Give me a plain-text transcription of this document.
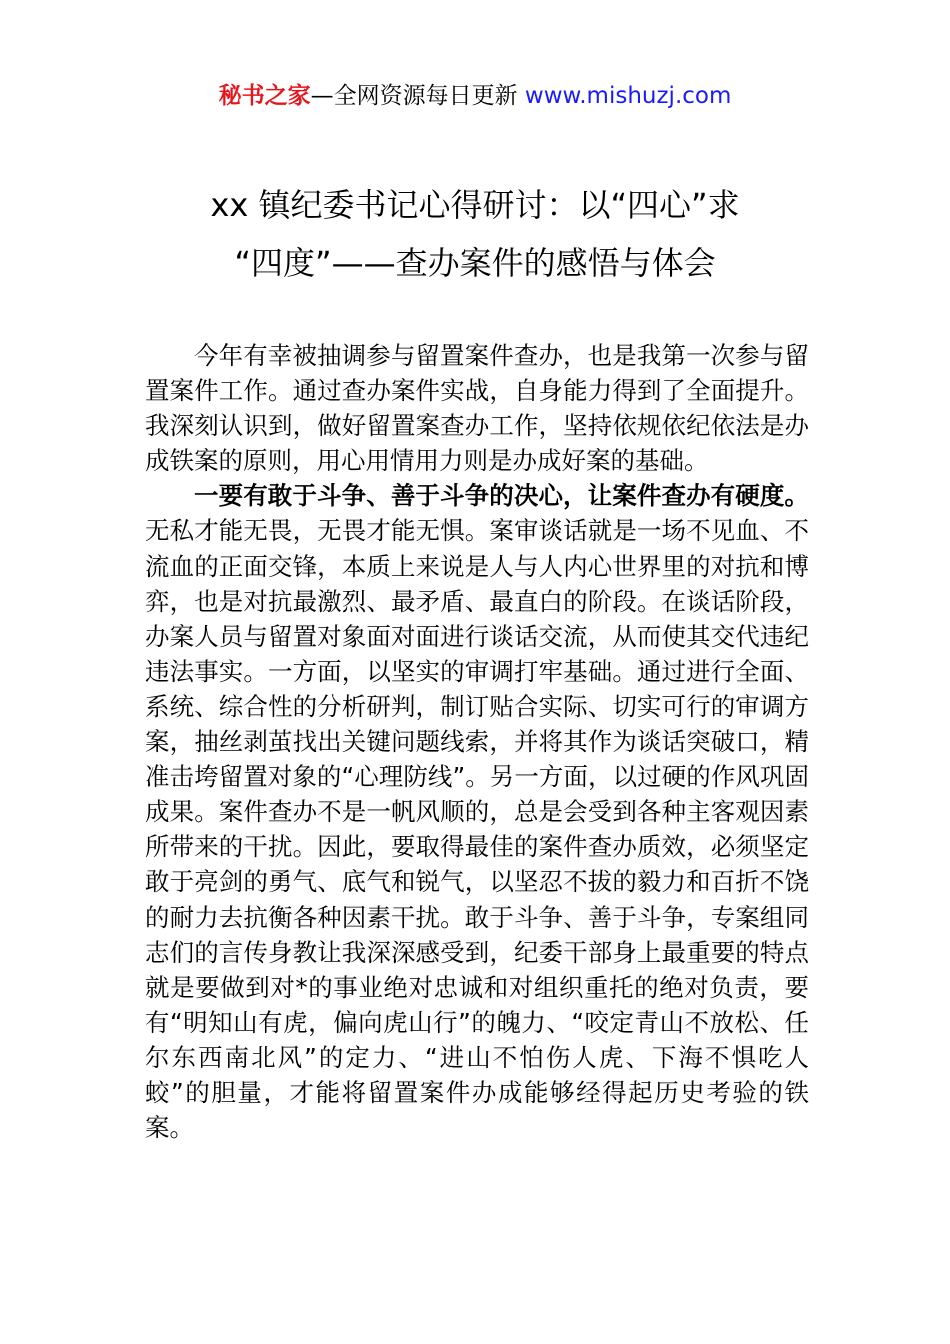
秘书之家—全网资源每日更新 www.mishuzj.com
xx 镇纪委书记心得研讨：以“四心”求
“四度”——查办案件的感悟与体会

今年有幸被抽调参与留置案件查办，也是我第一次参与留置案件工作。通过查办案件实战，自身能力得到了全面提升。我深刻认识到，做好留置案查办工作，坚持依规依纪依法是办成铁案的原则，用心用情用力则是办成好案的基础。

一要有敢于斗争、善于斗争的决心，让案件查办有硬度。无私才能无畏，无畏才能无惧。案审谈话就是一场不见血、不流血的正面交锋，本质上来说是人与人内心世界里的对抗和博弈，也是对抗最激烈、最矛盾、最直白的阶段。在谈话阶段，办案人员与留置对象面对面进行谈话交流，从而使其交代违纪违法事实。一方面，以坚实的审调打牢基础。通过进行全面、系统、综合性的分析研判，制订贴合实际、切实可行的审调方案，抽丝剥茧找出关键问题线索，并将其作为谈话突破口，精准击垮留置对象的“心理防线”。另一方面，以过硬的作风巩固成果。案件查办不是一帆风顺的，总是会受到各种主客观因素所带来的干扰。因此，要取得最佳的案件查办质效，必须坚定敢于亮剑的勇气、底气和锐气，以坚忍不拔的毅力和百折不饶的耐力去抗衡各种因素干扰。敢于斗争、善于斗争，专案组同志们的言传身教让我深深感受到，纪委干部身上最重要的特点就是要做到对*的事业绝对忠诚和对组织重托的绝对负责，要有“明知山有虎，偏向虎山行”的魄力、“咬定青山不放松、任尔东西南北风”的定力、“进山不怕伤人虎、下海不惧吃人蛟”的胆量，才能将留置案件办成能够经得起历史考验的铁案。
